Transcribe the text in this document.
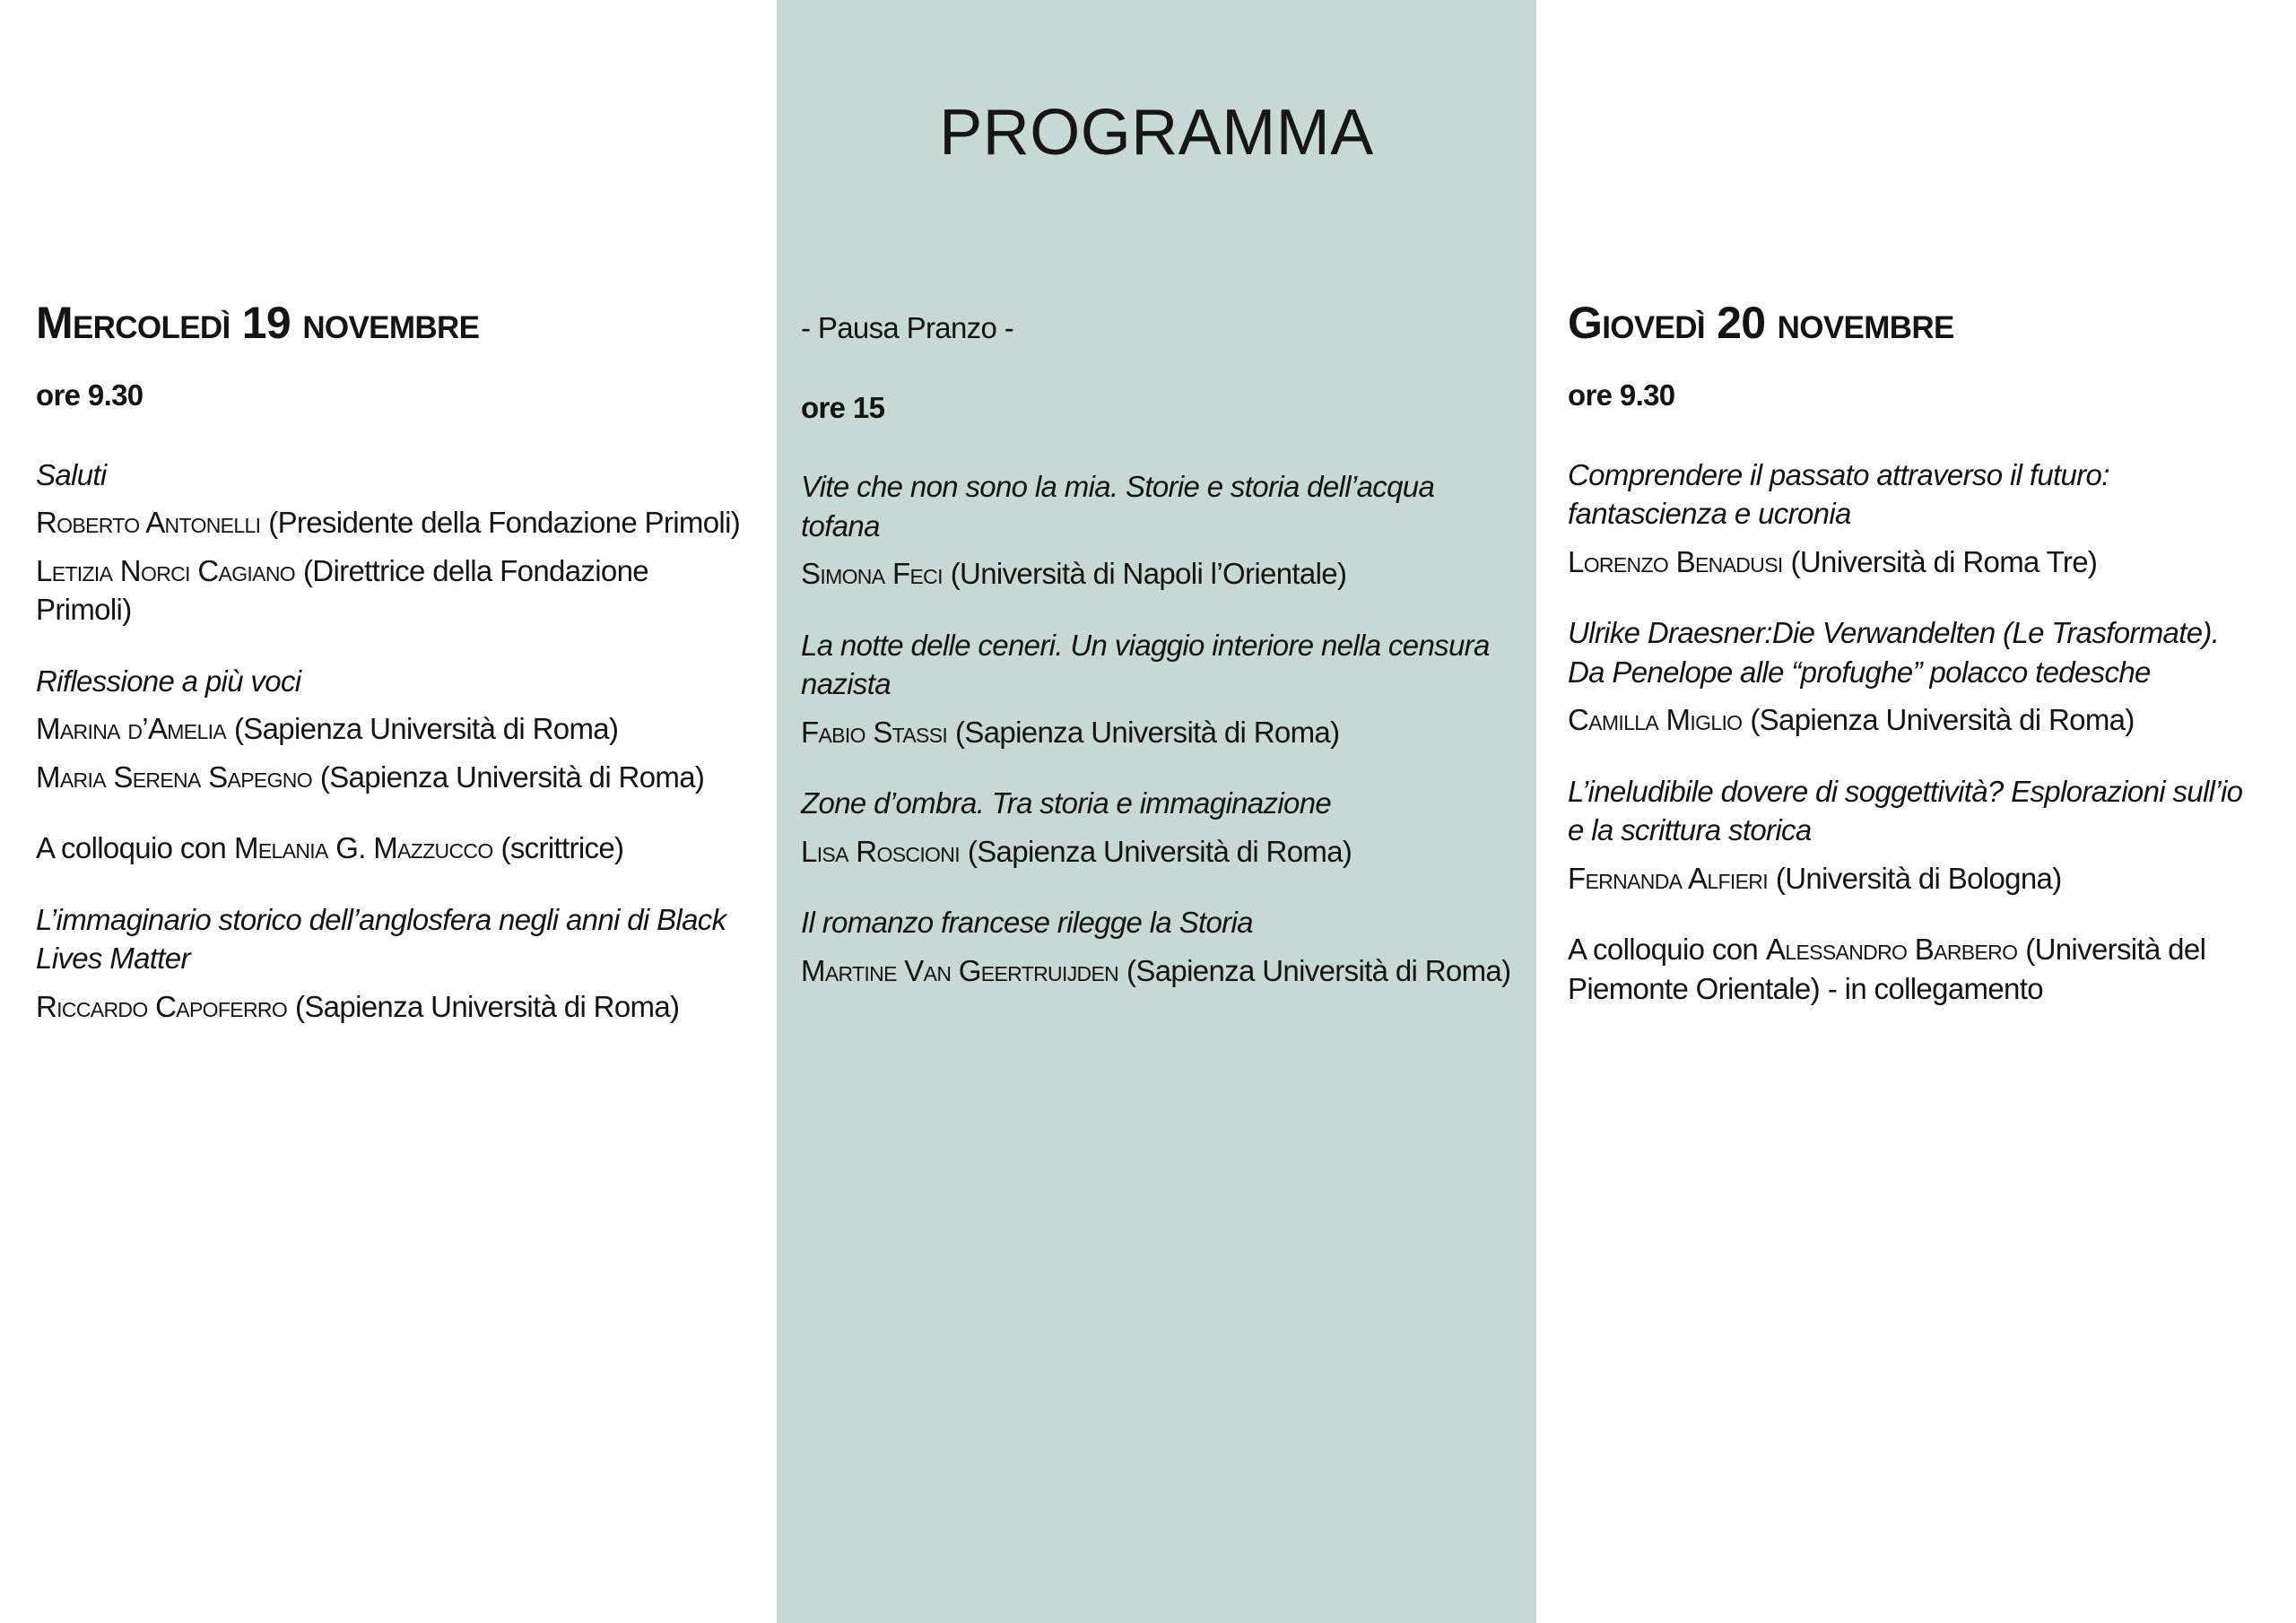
PROGRAMMA
Mercoledì 19 novembre

ore 9.30

Saluti

Roberto Antonelli (Presidente della Fondazione Primoli)

Letizia Norci Cagiano (Direttrice della Fondazione Primoli)

Riflessione a più voci

Marina d’Amelia (Sapienza Università di Roma)

Maria Serena Sapegno (Sapienza Università di Roma)

A colloquio con Melania G. Mazzucco (scrittrice)

L’immaginario storico dell’anglosfera negli anni di Black Lives Matter

Riccardo Capoferro (Sapienza Università di Roma)

- Pausa Pranzo -

ore 15

Vite che non sono la mia. Storie e storia dell’acqua tofana

Simona Feci (Università di Napoli l’Orientale)

La notte delle ceneri. Un viaggio interiore nella censura nazista

Fabio Stassi (Sapienza Università di Roma)

Zone d’ombra. Tra storia e immaginazione

Lisa Roscioni (Sapienza Università di Roma)

Il romanzo francese rilegge la Storia

Martine Van Geertruijden (Sapienza Università di Roma)

Giovedì 20 novembre

ore 9.30

Comprendere il passato attraverso il futuro: fantascienza e ucronia

Lorenzo Benadusi (Università di Roma Tre)

Ulrike Draesner:Die Verwandelten (Le Trasformate). Da Penelope alle “profughe” polacco tedesche

Camilla Miglio (Sapienza Università di Roma)

L’ineludibile dovere di soggettività? Esplorazioni sull’io e la scrittura storica

Fernanda Alfieri (Università di Bologna)

A colloquio con Alessandro Barbero (Università del Piemonte Orientale) - in collegamento
